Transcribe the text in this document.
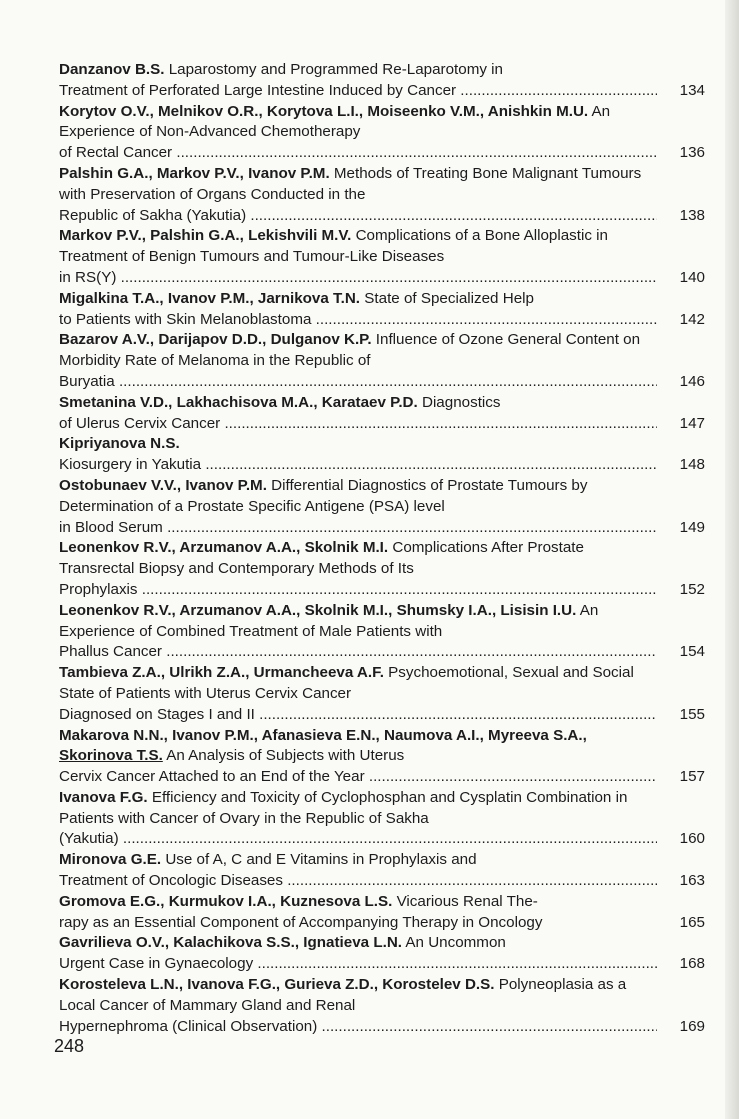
Danzanov B.S. Laparostomy and Programmed Re-Laparotomy in
Treatment of Perforated Large Intestine Induced by Cancer .....	134
Korytov O.V., Melnikov O.R., Korytova L.I., Moiseenko V.M., Anishkin M.U. An Experience of Non-Advanced Chemotherapy
of Rectal Cancer .....	136
Palshin G.A., Markov P.V., Ivanov P.M. Methods of Treating Bone Malignant Tumours with Preservation of Organs Conducted in the
Republic of Sakha (Yakutia) .....	138
Markov P.V., Palshin G.A., Lekishvili M.V. Complications of a Bone Alloplastic in Treatment of Benign Tumours and Tumour-Like Diseases
in RS(Y) .....	140
Migalkina T.A., Ivanov P.M., Jarnikova T.N. State of Specialized Help
to Patients with Skin Melanoblastoma .....	142
Bazarov A.V., Darijapov D.D., Dulganov K.P. Influence of Ozone General Content on Morbidity Rate of Melanoma in the Republic of
Buryatia .....	146
Smetanina V.D., Lakhachisova M.A., Karataev P.D. Diagnostics
of Ulerus Cervix Cancer .....	147
Kipriyanova N.S.
Kiosurgery in Yakutia .....	148
Ostobunaev V.V., Ivanov P.M. Differential Diagnostics of Prostate Tumours by Determination of a Prostate Specific Antigene (PSA) level
in Blood Serum .....	149
Leonenkov R.V., Arzumanov A.A., Skolnik M.I. Complications After Prostate Transrectal Biopsy and Contemporary Methods of Its
Prophylaxis .....	152
Leonenkov R.V., Arzumanov A.A., Skolnik M.I., Shumsky I.A., Lisisin I.U. An Experience of Combined Treatment of Male Patients with
Phallus Cancer .....	154
Tambieva Z.A., Ulrikh Z.A., Urmancheeva A.F. Psychoemotional, Sexual and Social State of Patients with Uterus Cervix Cancer
Diagnosed on Stages I and II .....	155
Makarova N.N., Ivanov P.M., Afanasieva E.N., Naumova A.I., Myreeva S.A., Skorinova T.S. An Analysis of Subjects with Uterus
Cervix Cancer Attached to an End of the Year .....	157
Ivanova F.G. Efficiency and Toxicity of Cyclophosphan and Cysplatin Combination in Patients with Cancer of Ovary in the Republic of Sakha
(Yakutia) .....	160
Mironova G.E. Use of A, C and E Vitamins in Prophylaxis and
Treatment of Oncologic Diseases .....	163
Gromova E.G., Kurmukov I.A., Kuznesova L.S. Vicarious Renal The-
rapy as an Essential Component of Accompanying Therapy in Oncology	165
Gavrilieva O.V., Kalachikova S.S., Ignatieva L.N. An Uncommon
Urgent Case in Gynaecology .....	168
Korosteleva L.N., Ivanova F.G., Gurieva Z.D., Korostelev D.S. Polyneoplasia as a Local Cancer of Mammary Gland and Renal
Hypernephroma (Clinical Observation) .....	169
248
